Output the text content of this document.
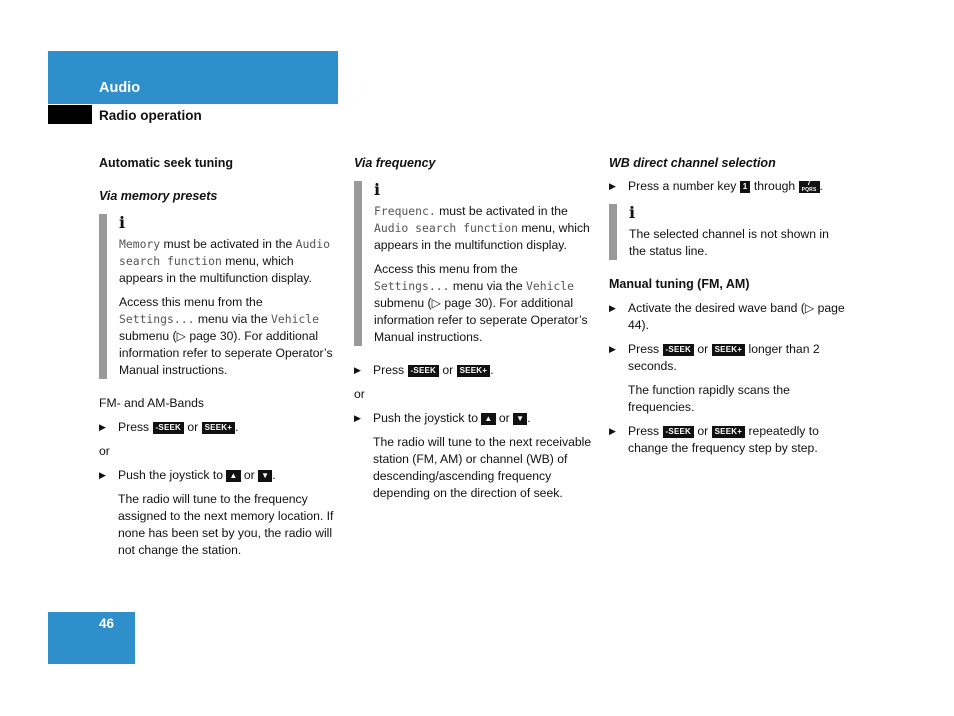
Audio
Radio operation

Automatic seek tuning

Via memory presets

i

Memory must be activated in the Audio search function menu, which appears in the multifunction display.

Access this menu from the Settings... menu via the Vehicle submenu (▷ page 30). For additional information refer to seperate Operator’s Manual instructions.

FM- and AM-Bands

▶ Press -SEEK or SEEK+ .

or

▶ Push the joystick to ▲ or ▼ .

The radio will tune to the frequency assigned to the next memory location. If none has been set by you, the radio will not change the station.

Via frequency

i

Frequenc. must be activated in the Audio search function menu, which appears in the multifunction display.

Access this menu from the Settings... menu via the Vehicle submenu (▷ page 30). For additional information refer to seperate Operator’s Manual instructions.

▶ Press -SEEK or SEEK+ .

or

▶ Push the joystick to ▲ or ▼ .

The radio will tune to the next receivable station (FM, AM) or channel (WB) of descending/ascending frequency depending on the direction of seek.

WB direct channel selection

▶ Press a number key 1 through	7
PQRS .
i

The selected channel is not shown in the status line.

Manual tuning (FM, AM)

▶ Activate the desired wave band (▷ page 44).
▶ Press -SEEK or SEEK+ longer than 2 seconds.

The function rapidly scans the frequencies.

▶ Press -SEEK or SEEK+ repeatedly to change the frequency step by step.
46
